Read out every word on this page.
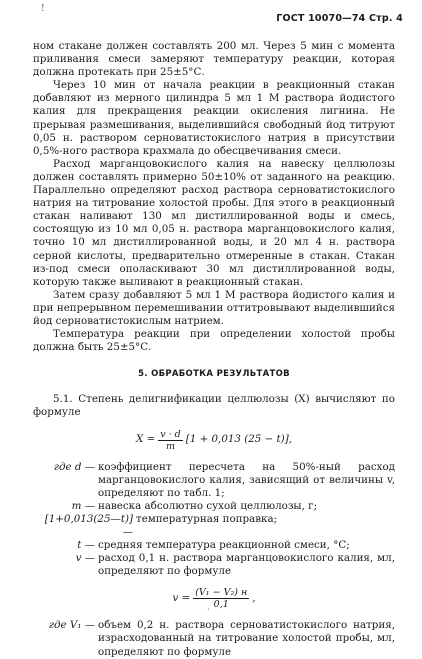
!
ГОСТ 10070—74 Стр. 4

ном стакане должен составлять 200 мл. Через 5 мин с момента приливания смеси замеряют температуру реакции, которая должна протекать при 25±5°С.

Через 10 мин от начала реакции в реакционный стакан добавляют из мерного цилиндра 5 мл 1 М раствора йодистого калия для прекращения реакции окисления лигнина. Не прерывая размешивания, выделившийся свободный йод титруют 0,05 н. раствором серноватистокислого натрия в присутствии 0,5%-ного раствора крахмала до обесцвечивания смеси.

Расход марганцовокислого калия на навеску целлюлозы должен составлять примерно 50±10% от заданного на реакцию. Параллельно определяют расход раствора серноватистокислого натрия на титрование холостой пробы. Для этого в реакционный стакан наливают 130 мл дистиллированной воды и смесь, состоящую из 10 мл 0,05 н. раствора марганцовокислого калия, точно 10 мл дистиллированной воды, и 20 мл 4 н. раствора серной кислоты, предварительно отмеренные в стакан. Стакан из-под смеси ополаскивают 30 мл дистиллированной воды, которую также выливают в реакционный стакан.

Затем сразу добавляют 5 мл 1 М раствора йодистого калия и при непрерывном перемешивании оттитровывают выделившийся йод серноватистокислым натрием.

Температура реакции при определении холостой пробы должна быть 25±5°С.

5. ОБРАБОТКА РЕЗУЛЬТАТОВ

5.1. Степень делигнификации целлюлозы (X) вычисляют по формуле

$X = \frac{v \cdot d}{m} [1 + 0,013$ (25 − t)],
где d — коэффициент пересчета на 50%-ный расход марганцовокислого калия, зависящий от величины v, определяют по табл. 1;
m — навеска абсолютно сухой целлюлозы, г;
[1+0,013(25—t)] —
температурная поправка;
t — средняя температура реакционной смеси, °С;
v — расход 0,1 н. раствора марганцовокислого калия, мл, определяют по формуле
$v = \frac{\text{(V₁ − V₂) н}}{0,1}$ ,
где V₁ — объем 0,2 н. раствора серноватистокислого натрия, израсходованный на титрование холостой пробы, мл, определяют по формуле
·
